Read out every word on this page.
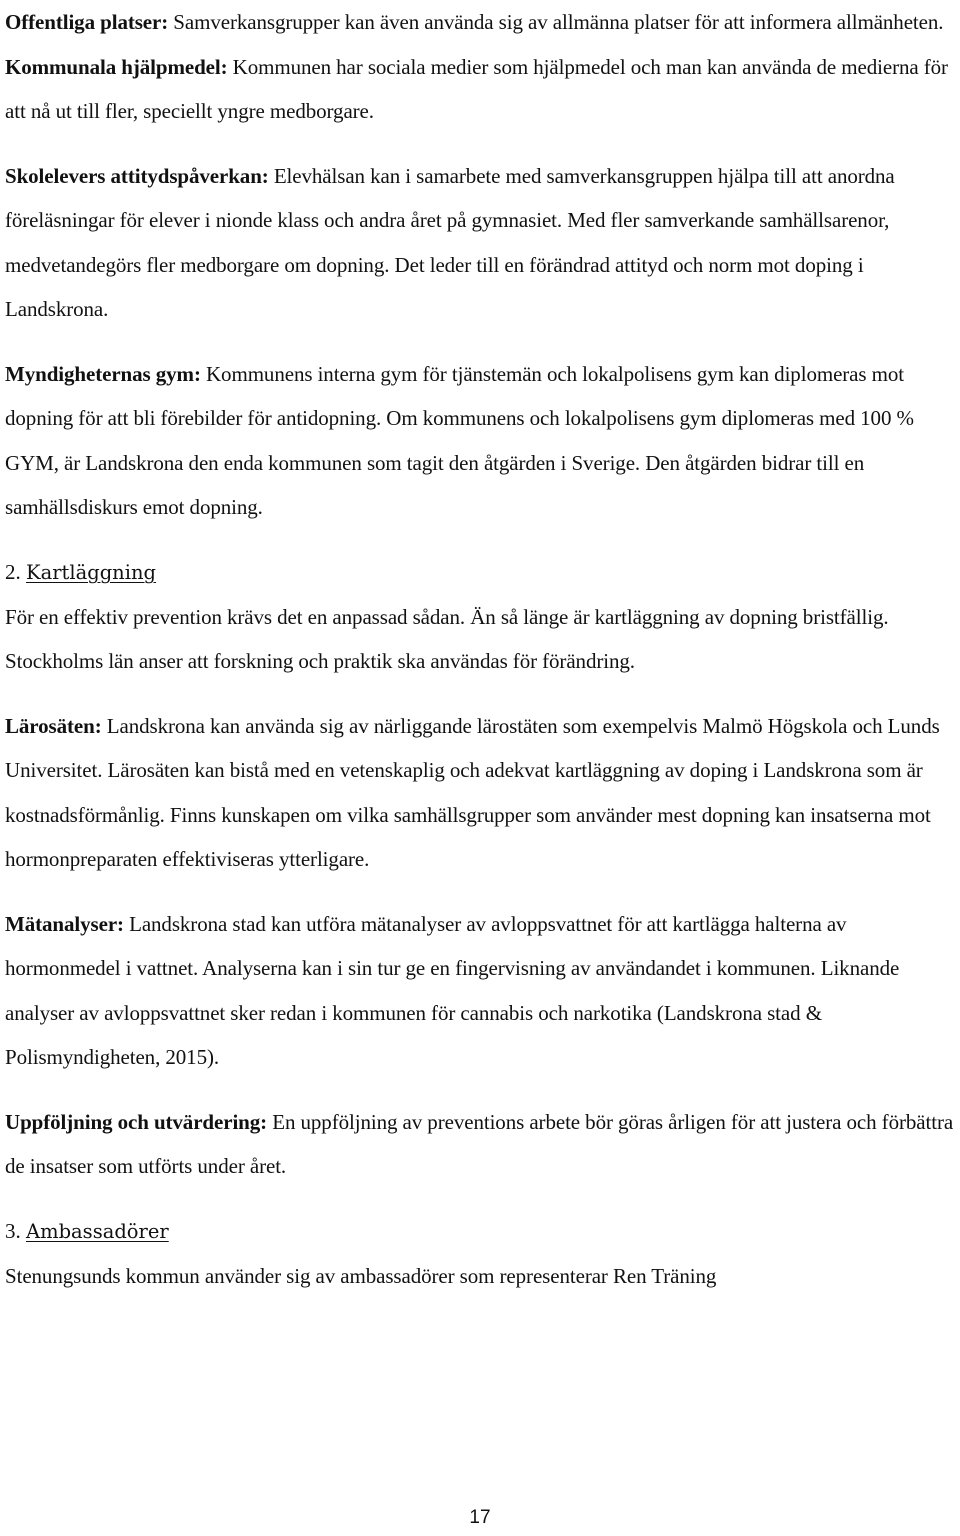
Offentliga platser: Samverkansgrupper kan även använda sig av allmänna platser för att informera allmänheten.

Kommunala hjälpmedel: Kommunen har sociala medier som hjälpmedel och man kan använda de medierna för att nå ut till fler, speciellt yngre medborgare.

Skolelevers attitydspåverkan: Elevhälsan kan i samarbete med samverkansgruppen hjälpa till att anordna föreläsningar för elever i nionde klass och andra året på gymnasiet. Med fler samverkande samhällsarenor, medvetandegörs fler medborgare om dopning. Det leder till en förändrad attityd och norm mot doping i Landskrona.

Myndigheternas gym: Kommunens interna gym för tjänstemän och lokalpolisens gym kan diplomeras mot dopning för att bli förebilder för antidopning. Om kommunens och lokalpolisens gym diplomeras med 100 % GYM, är Landskrona den enda kommunen som tagit den åtgärden i Sverige. Den åtgärden bidrar till en samhällsdiskurs emot dopning.

2. Kartläggning

För en effektiv prevention krävs det en anpassad sådan. Än så länge är kartläggning av dopning bristfällig. Stockholms län anser att forskning och praktik ska användas för förändring.

Lärosäten: Landskrona kan använda sig av närliggande lärostäten som exempelvis Malmö Högskola och Lunds Universitet. Lärosäten kan bistå med en vetenskaplig och adekvat kartläggning av doping i Landskrona som är kostnadsförmånlig. Finns kunskapen om vilka samhällsgrupper som använder mest dopning kan insatserna mot hormonpreparaten effektiviseras ytterligare.

Mätanalyser: Landskrona stad kan utföra mätanalyser av avloppsvattnet för att kartlägga halterna av hormonmedel i vattnet. Analyserna kan i sin tur ge en fingervisning av användandet i kommunen. Liknande analyser av avloppsvattnet sker redan i kommunen för cannabis och narkotika (Landskrona stad & Polismyndigheten, 2015).

Uppföljning och utvärdering: En uppföljning av preventions arbete bör göras årligen för att justera och förbättra de insatser som utförts under året.

3. Ambassadörer

Stenungsunds kommun använder sig av ambassadörer som representerar Ren Träning

17
